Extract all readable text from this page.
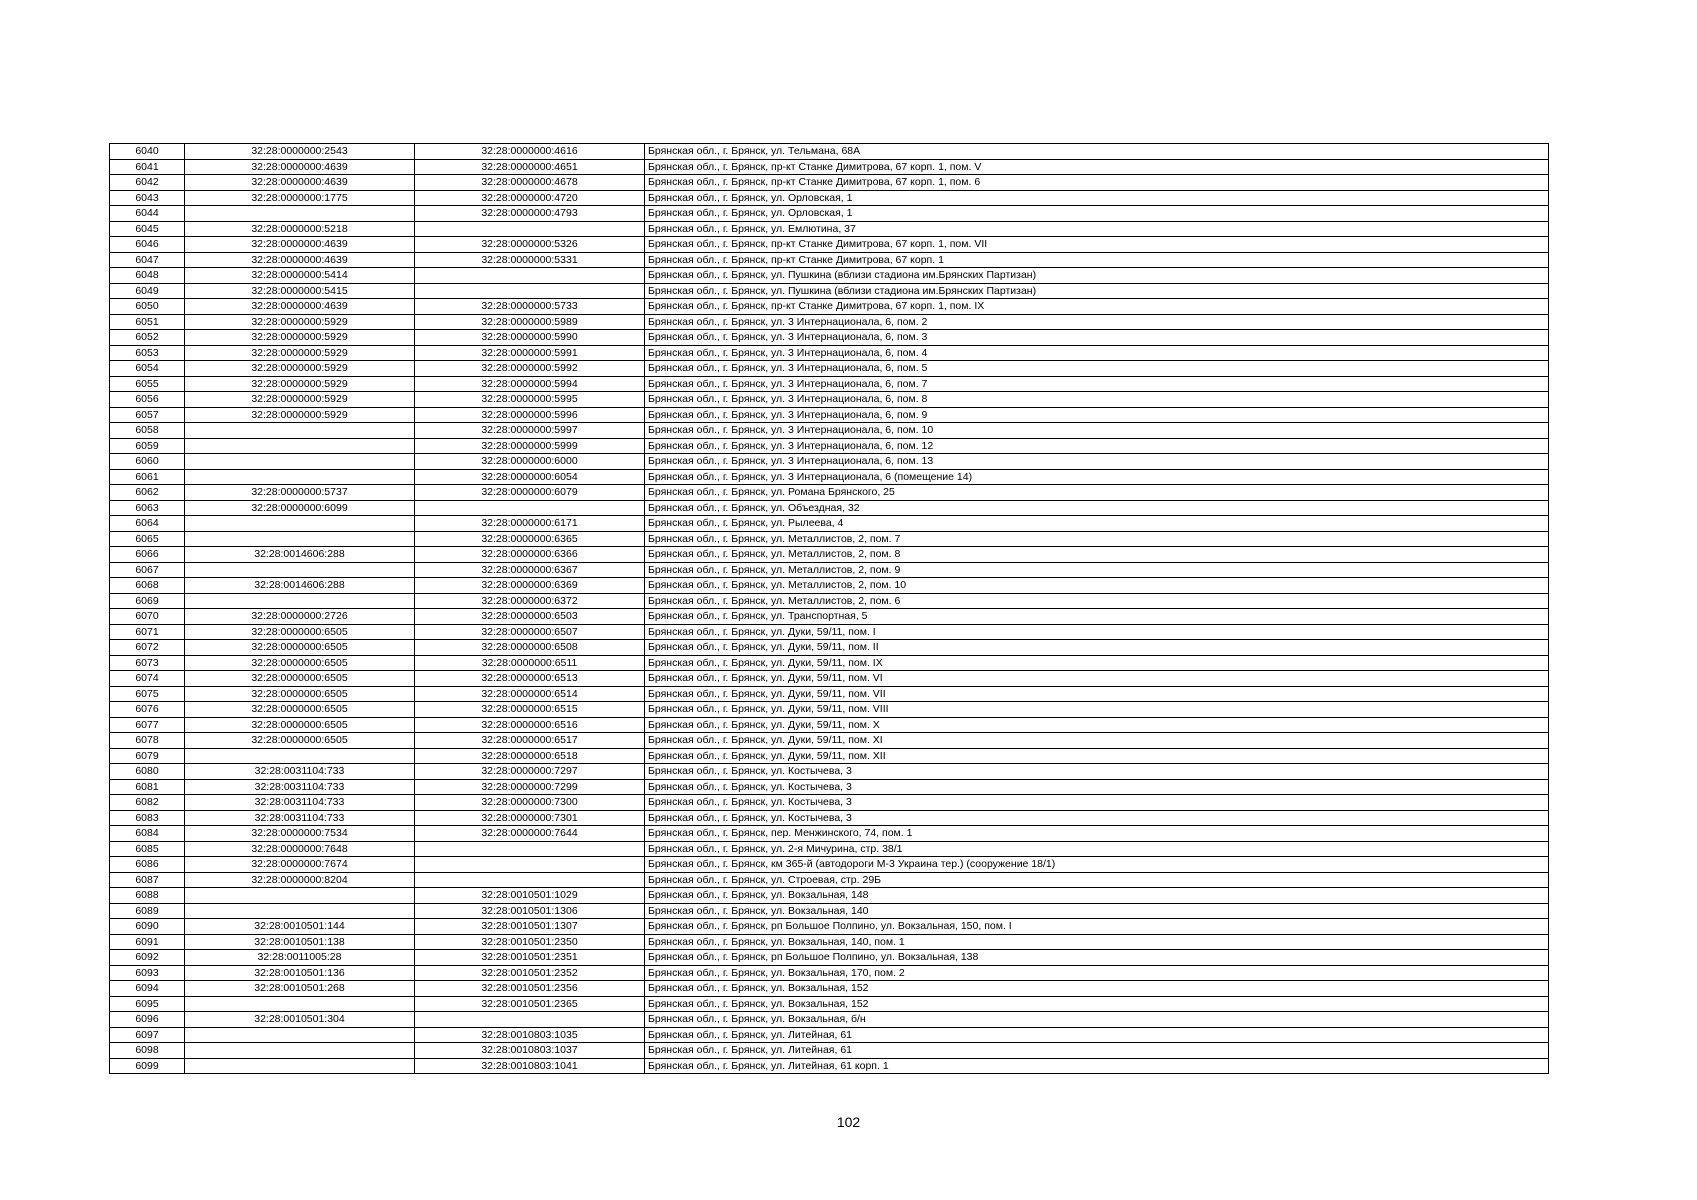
6040	32:28:0000000:2543	32:28:0000000:4616	Брянская обл., г. Брянск, ул. Тельмана, 68А
6041	32:28:0000000:4639	32:28:0000000:4651	Брянская обл., г. Брянск, пр-кт Станке Димитрова, 67 корп. 1, пом. V
6042	32:28:0000000:4639	32:28:0000000:4678	Брянская обл., г. Брянск, пр-кт Станке Димитрова, 67 корп. 1, пом. 6
6043	32:28:0000000:1775	32:28:0000000:4720	Брянская обл., г. Брянск, ул. Орловская, 1
6044		32:28:0000000:4793	Брянская обл., г. Брянск, ул. Орловская, 1
6045	32:28:0000000:5218		Брянская обл., г. Брянск, ул. Емлютина, 37
6046	32:28:0000000:4639	32:28:0000000:5326	Брянская обл., г. Брянск, пр-кт Станке Димитрова, 67 корп. 1, пом. VII
6047	32:28:0000000:4639	32:28:0000000:5331	Брянская обл., г. Брянск, пр-кт Станке Димитрова, 67 корп. 1
6048	32:28:0000000:5414		Брянская обл., г. Брянск, ул. Пушкина (вблизи стадиона им.Брянских Партизан)
6049	32:28:0000000:5415		Брянская обл., г. Брянск, ул. Пушкина (вблизи стадиона им.Брянских Партизан)
6050	32:28:0000000:4639	32:28:0000000:5733	Брянская обл., г. Брянск, пр-кт Станке Димитрова, 67 корп. 1, пом. IX
6051	32:28:0000000:5929	32:28:0000000:5989	Брянская обл., г. Брянск, ул. 3 Интернационала, 6, пом. 2
6052	32:28:0000000:5929	32:28:0000000:5990	Брянская обл., г. Брянск, ул. 3 Интернационала, 6, пом. 3
6053	32:28:0000000:5929	32:28:0000000:5991	Брянская обл., г. Брянск, ул. 3 Интернационала, 6, пом. 4
6054	32:28:0000000:5929	32:28:0000000:5992	Брянская обл., г. Брянск, ул. 3 Интернационала, 6, пом. 5
6055	32:28:0000000:5929	32:28:0000000:5994	Брянская обл., г. Брянск, ул. 3 Интернационала, 6, пом. 7
6056	32:28:0000000:5929	32:28:0000000:5995	Брянская обл., г. Брянск, ул. 3 Интернационала, 6, пом. 8
6057	32:28:0000000:5929	32:28:0000000:5996	Брянская обл., г. Брянск, ул. 3 Интернационала, 6, пом. 9
6058		32:28:0000000:5997	Брянская обл., г. Брянск, ул. 3 Интернационала, 6, пом. 10
6059		32:28:0000000:5999	Брянская обл., г. Брянск, ул. 3 Интернационала, 6, пом. 12
6060		32:28:0000000:6000	Брянская обл., г. Брянск, ул. 3 Интернационала, 6, пом. 13
6061		32:28:0000000:6054	Брянская обл., г. Брянск, ул. 3 Интернационала, 6 (помещение 14)
6062	32:28:0000000:5737	32:28:0000000:6079	Брянская обл., г. Брянск, ул. Романа Брянского, 25
6063	32:28:0000000:6099		Брянская обл., г. Брянск, ул. Объездная, 32
6064		32:28:0000000:6171	Брянская обл., г. Брянск, ул. Рылеева, 4
6065		32:28:0000000:6365	Брянская обл., г. Брянск, ул. Металлистов, 2, пом. 7
6066	32:28:0014606:288	32:28:0000000:6366	Брянская обл., г. Брянск, ул. Металлистов, 2, пом. 8
6067		32:28:0000000:6367	Брянская обл., г. Брянск, ул. Металлистов, 2, пом. 9
6068	32:28:0014606:288	32:28:0000000:6369	Брянская обл., г. Брянск, ул. Металлистов, 2, пом. 10
6069		32:28:0000000:6372	Брянская обл., г. Брянск, ул. Металлистов, 2, пом. 6
6070	32:28:0000000:2726	32:28:0000000:6503	Брянская обл., г. Брянск, ул. Транспортная, 5
6071	32:28:0000000:6505	32:28:0000000:6507	Брянская обл., г. Брянск, ул. Дуки, 59/11, пом. I
6072	32:28:0000000:6505	32:28:0000000:6508	Брянская обл., г. Брянск, ул. Дуки, 59/11, пом. II
6073	32:28:0000000:6505	32:28:0000000:6511	Брянская обл., г. Брянск, ул. Дуки, 59/11, пом. IX
6074	32:28:0000000:6505	32:28:0000000:6513	Брянская обл., г. Брянск, ул. Дуки, 59/11, пом. VI
6075	32:28:0000000:6505	32:28:0000000:6514	Брянская обл., г. Брянск, ул. Дуки, 59/11, пом. VII
6076	32:28:0000000:6505	32:28:0000000:6515	Брянская обл., г. Брянск, ул. Дуки, 59/11, пом. VIII
6077	32:28:0000000:6505	32:28:0000000:6516	Брянская обл., г. Брянск, ул. Дуки, 59/11, пом. X
6078	32:28:0000000:6505	32:28:0000000:6517	Брянская обл., г. Брянск, ул. Дуки, 59/11, пом. XI
6079		32:28:0000000:6518	Брянская обл., г. Брянск, ул. Дуки, 59/11, пом. XII
6080	32:28:0031104:733	32:28:0000000:7297	Брянская обл., г. Брянск, ул. Костычева, 3
6081	32:28:0031104:733	32:28:0000000:7299	Брянская обл., г. Брянск, ул. Костычева, 3
6082	32:28:0031104:733	32:28:0000000:7300	Брянская обл., г. Брянск, ул. Костычева, 3
6083	32:28:0031104:733	32:28:0000000:7301	Брянская обл., г. Брянск, ул. Костычева, 3
6084	32:28:0000000:7534	32:28:0000000:7644	Брянская обл., г. Брянск, пер. Менжинского, 74, пом. 1
6085	32:28:0000000:7648		Брянская обл., г. Брянск, ул. 2-я Мичурина, стр. 38/1
6086	32:28:0000000:7674		Брянская обл., г. Брянск, км 365-й (автодороги М-3 Украина тер.) (сооружение 18/1)
6087	32:28:0000000:8204		Брянская обл., г. Брянск, ул. Строевая, стр. 29Б
6088		32:28:0010501:1029	Брянская обл., г. Брянск, ул. Вокзальная, 148
6089		32:28:0010501:1306	Брянская обл., г. Брянск, ул. Вокзальная, 140
6090	32:28:0010501:144	32:28:0010501:1307	Брянская обл., г. Брянск, рп Большое Полпино, ул. Вокзальная, 150, пом. I
6091	32:28:0010501:138	32:28:0010501:2350	Брянская обл., г. Брянск, ул. Вокзальная, 140, пом. 1
6092	32:28:0011005:28	32:28:0010501:2351	Брянская обл., г. Брянск, рп Большое Полпино, ул. Вокзальная, 138
6093	32:28:0010501:136	32:28:0010501:2352	Брянская обл., г. Брянск, ул. Вокзальная, 170, пом. 2
6094	32:28:0010501:268	32:28:0010501:2356	Брянская обл., г. Брянск, ул. Вокзальная, 152
6095		32:28:0010501:2365	Брянская обл., г. Брянск, ул. Вокзальная, 152
6096	32:28:0010501:304		Брянская обл., г. Брянск, ул. Вокзальная, б/н
6097		32:28:0010803:1035	Брянская обл., г. Брянск, ул. Литейная, 61
6098		32:28:0010803:1037	Брянская обл., г. Брянск, ул. Литейная, 61
6099		32:28:0010803:1041	Брянская обл., г. Брянск, ул. Литейная, 61 корп. 1
102
